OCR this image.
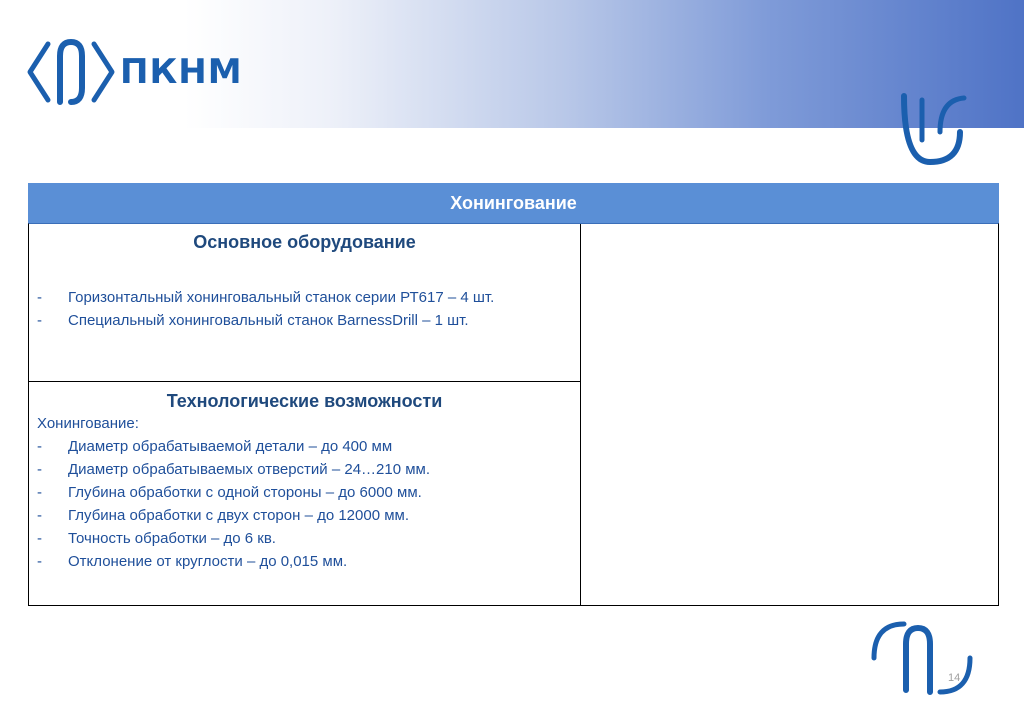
ПКНМ
Хонингование
Основное оборудование
-	Горизонтальный хонинговальный станок серии РТ617 – 4 шт.
-	Специальный хонинговальный станок BarnessDrill – 1 шт.
Технологические возможности
Хонингование:
-	Диаметр обрабатываемой детали – до 400 мм
-	Диаметр обрабатываемых отверстий – 24…210 мм.
-	Глубина обработки с одной стороны – до 6000 мм.
-	Глубина обработки с двух сторон – до 12000 мм.
-	Точность обработки – до 6 кв.
-	Отклонение от круглости – до 0,015 мм.
14
